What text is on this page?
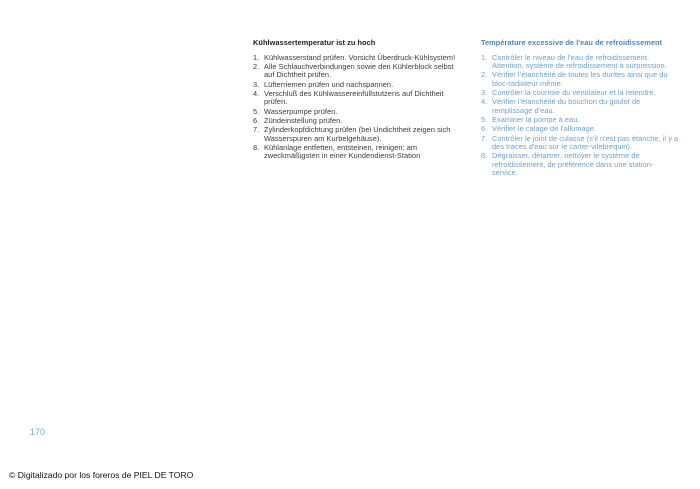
Kühlwassertemperatur ist zu hoch
1. Kühlwasserstand prüfen. Vorsicht Überdruck-Kühlsystem!
2. Alle Schlauchverbindungen sowie den Kühlerblock selbst auf Dichtheit prüfen.
3. Lüfterriemen prüfen und nachspannen.
4. Verschluß des Kühlwassereinfüllstutzens auf Dichtheit prüfen.
5. Wasserpumpe prüfen.
6. Zündeinstellung prüfen.
7. Zylinderkopfdichtung prüfen (bei Undichtheit zeigen sich Wasserspuren am Kurbelgehäuse).
8. Kühlanlage entfetten, entsteinen, reinigen; am zweckmäßigsten in einer Kundendienst-Station
Température excessive de l'eau de refroidissement
1. Contrôler le niveau de l'eau de refroidissement. Attention, système de refroidissement à surpression.
2. Vérifier l'étanchéité de toutes les durites ainsi que du bloc-radiateur même.
3. Contrôler la courroie du ventilateur et la retendre.
4. Vérifier l'étanchéité du bouchon du goulot de remplissage d'eau.
5. Examiner la pompe à eau.
6. Vérifier le calage de l'allumage.
7. Contrôler le joint de culasse (s'il n'est pas étanche, il y a des traces d'eau sur le carter-vilebrequin).
8. Dégraisser, détartrer, nettoyer le système de refroidissement, de préférence dans une station-service.
170
© Digitalizado por los foreros de PIEL DE TORO
